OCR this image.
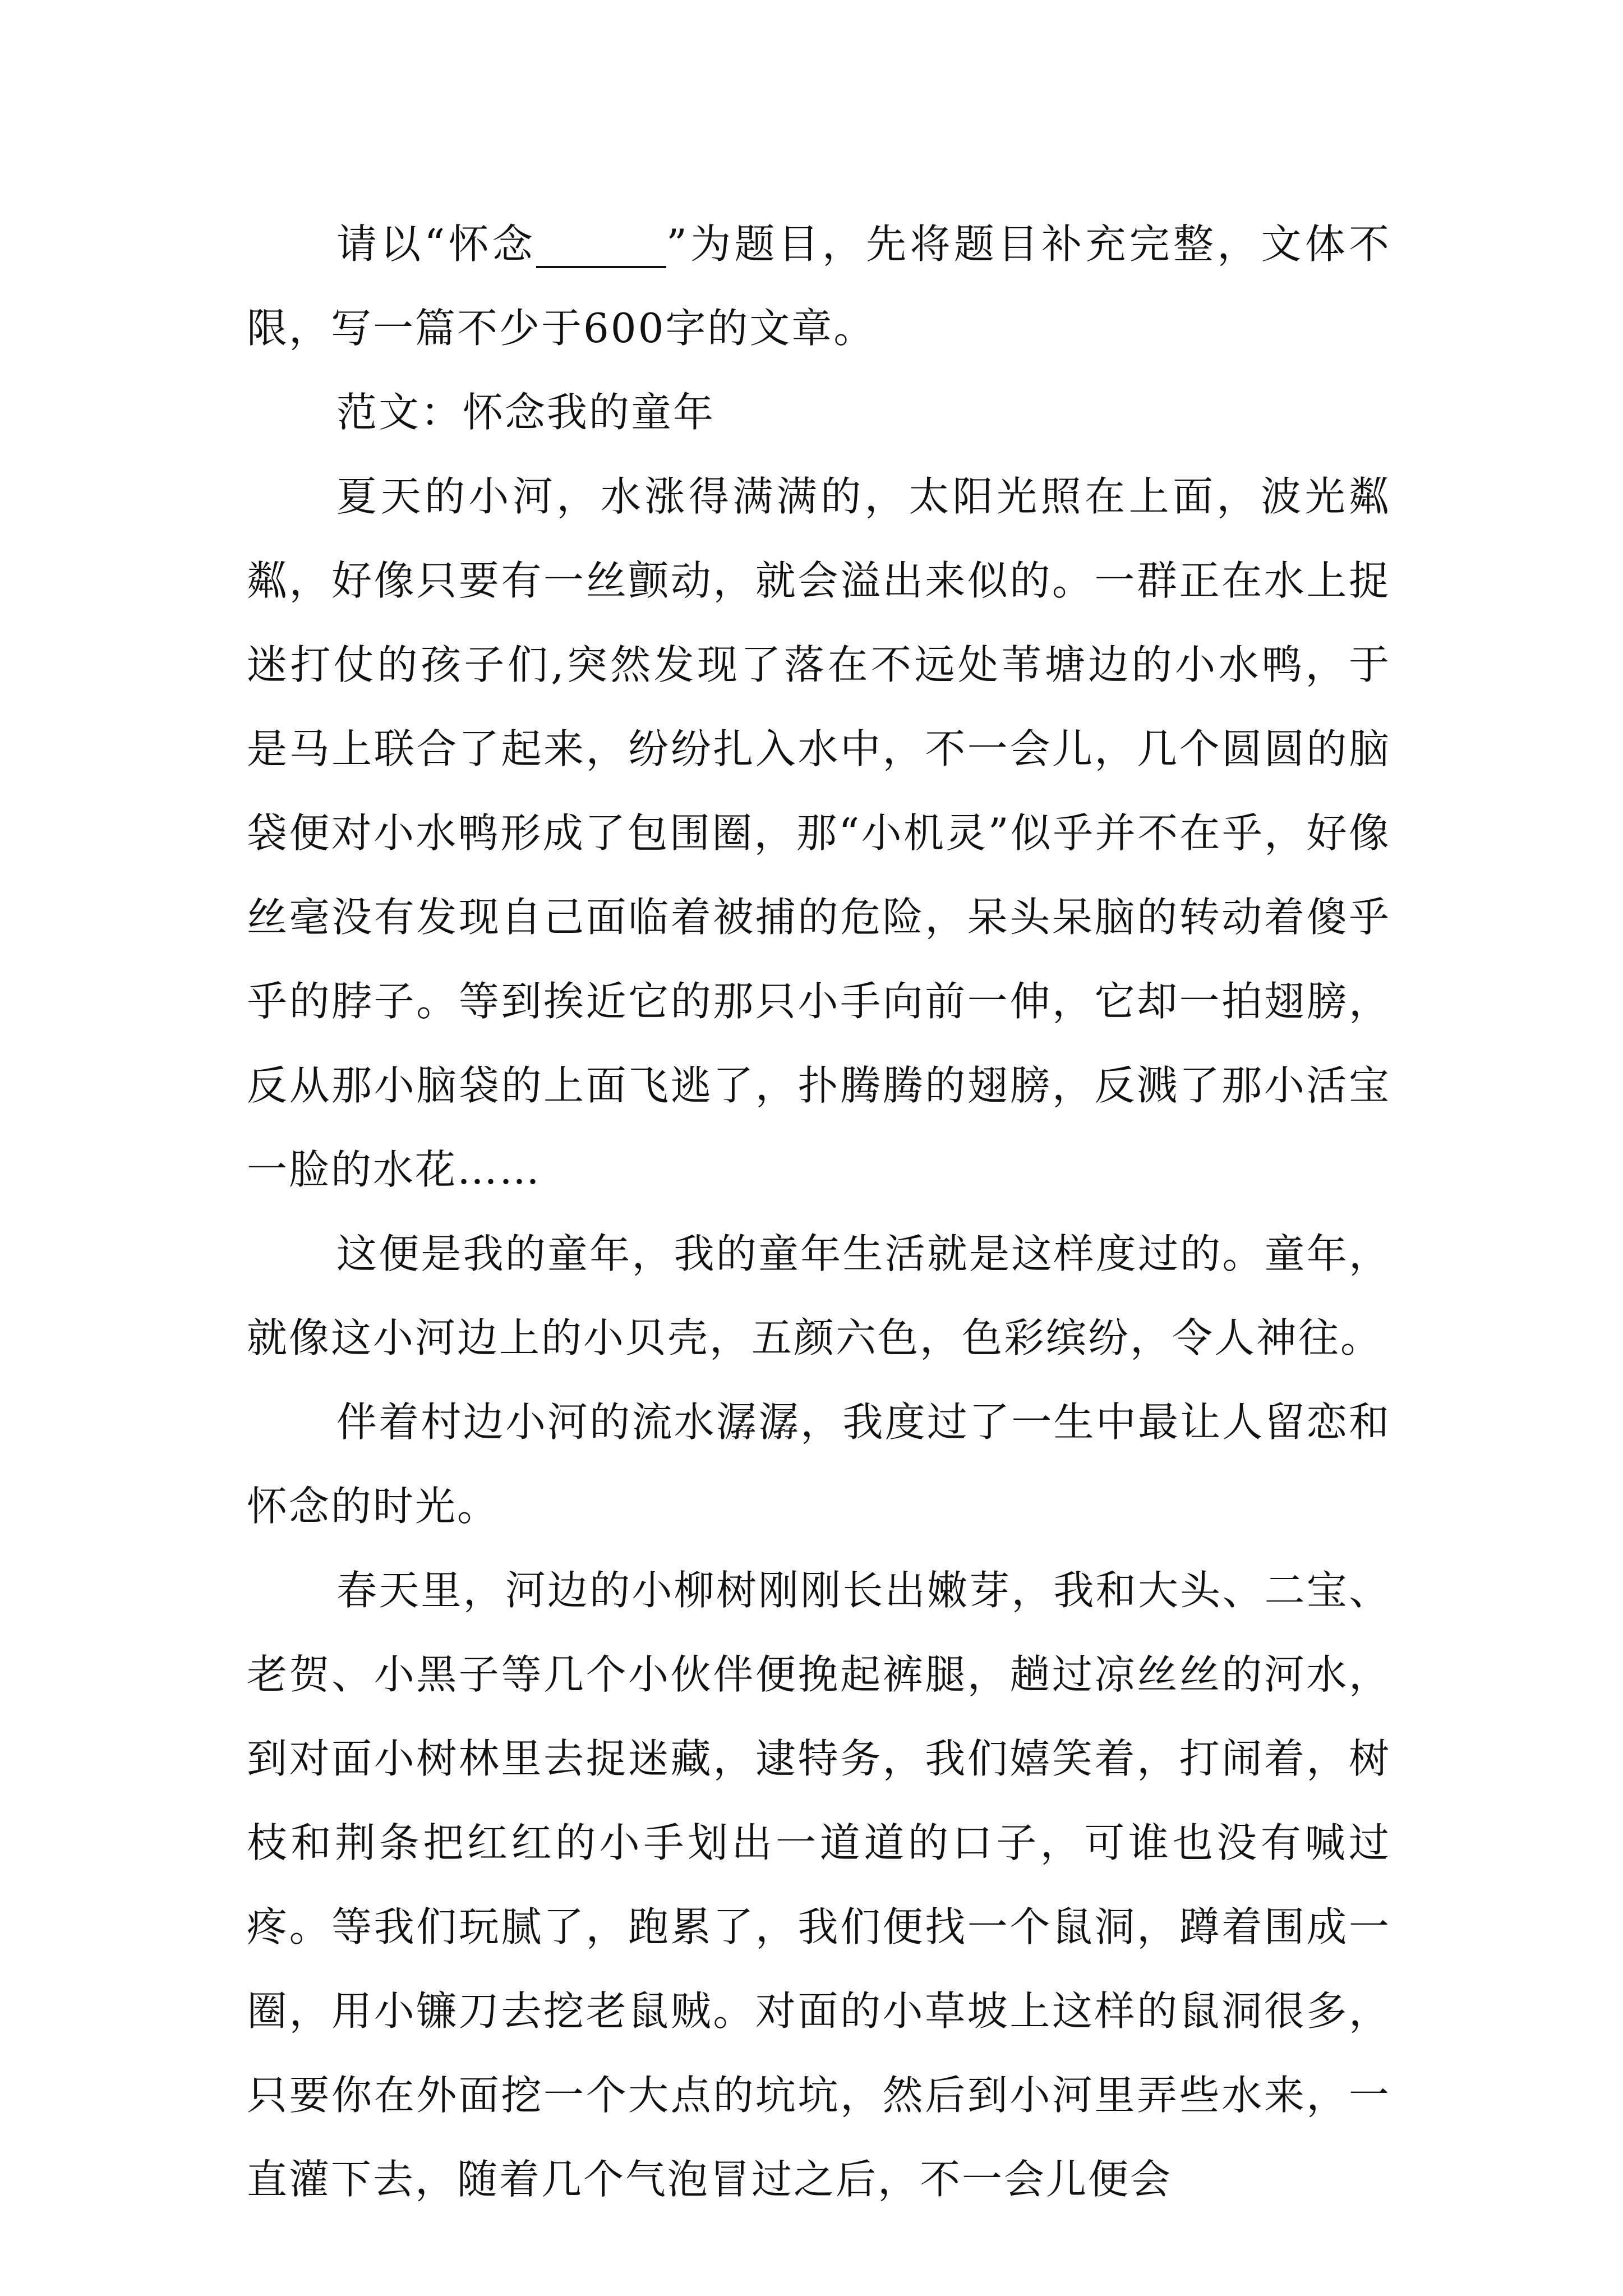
请以“怀念	”为题目，先将题目补充完整，文体不限，写一篇不少于600字的文章。

范文：怀念我的童年

夏天的小河，水涨得满满的，太阳光照在上面，波光粼粼，好像只要有一丝颤动，就会溢出来似的。一群正在水上捉迷打仗的孩子们,突然发现了落在不远处苇塘边的小水鸭，于是马上联合了起来，纷纷扎入水中，不一会儿，几个圆圆的脑袋便对小水鸭形成了包围圈，那“小机灵”似乎并不在乎，好像丝毫没有发现自己面临着被捕的危险，呆头呆脑的转动着傻乎乎的脖子。等到挨近它的那只小手向前一伸，它却一拍翅膀，反从那小脑袋的上面飞逃了，扑腾腾的翅膀，反溅了那小活宝一脸的水花……

这便是我的童年，我的童年生活就是这样度过的。童年，就像这小河边上的小贝壳，五颜六色，色彩缤纷，令人神往。

伴着村边小河的流水潺潺，我度过了一生中最让人留恋和怀念的时光。

春天里，河边的小柳树刚刚长出嫩芽，我和大头、二宝、老贺、小黑子等几个小伙伴便挽起裤腿，趟过凉丝丝的河水，到对面小树林里去捉迷藏，逮特务，我们嬉笑着，打闹着，树枝和荆条把红红的小手划出一道道的口子，可谁也没有喊过疼。等我们玩腻了，跑累了，我们便找一个鼠洞，蹲着围成一圈，用小镰刀去挖老鼠贼。对面的小草坡上这样的鼠洞很多，只要你在外面挖一个大点的坑坑，然后到小河里弄些水来，一直灌下去，随着几个气泡冒过之后，不一会儿便会
